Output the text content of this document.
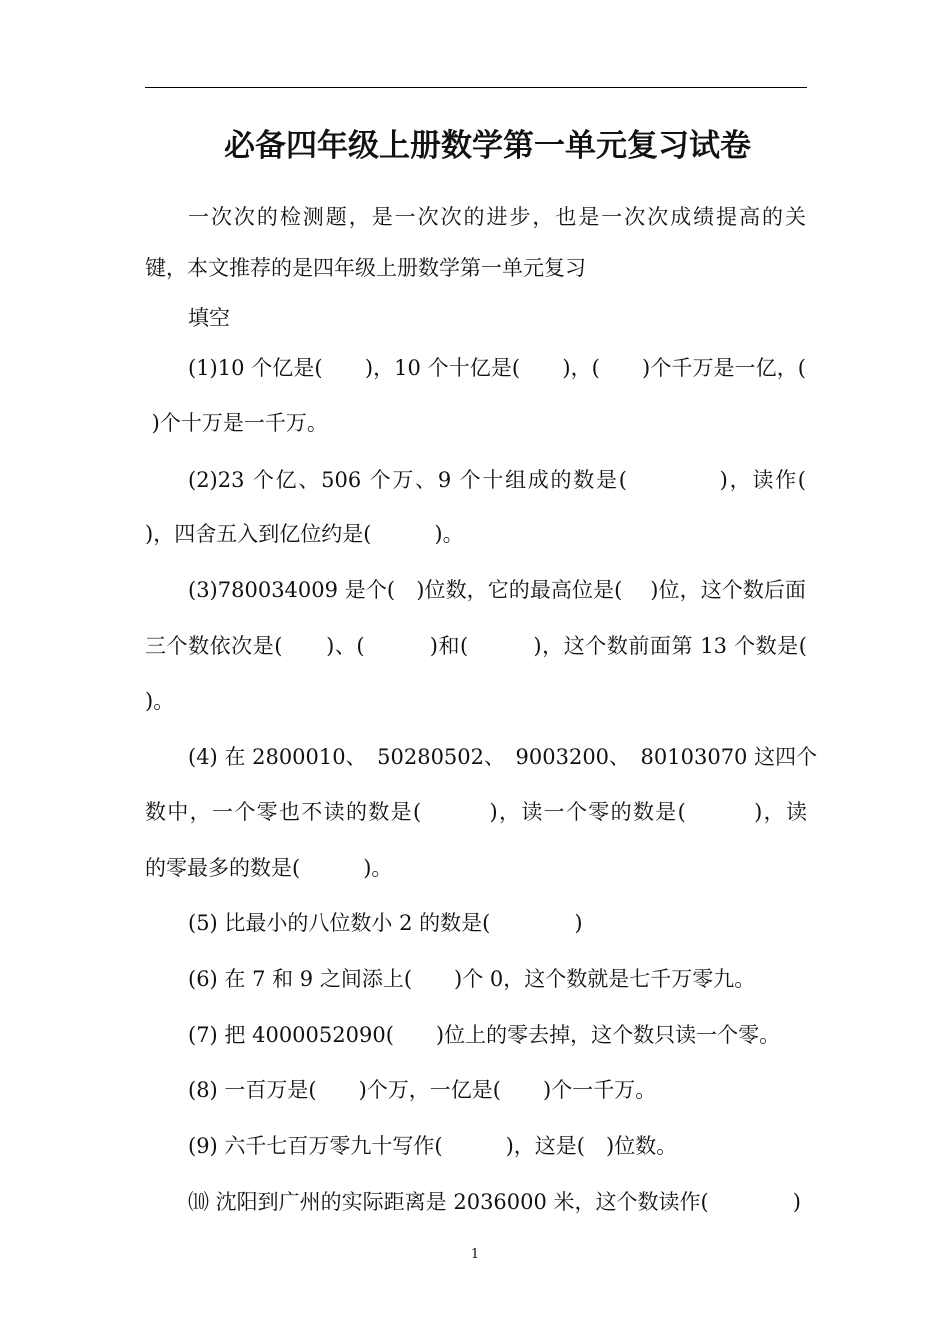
必备四年级上册数学第一单元复习试卷
一次次的检测题，是一次次的进步，也是一次次成绩提高的关
键，本文推荐的是四年级上册数学第一单元复习
填空
(1)10 个亿是(　　)，10 个十亿是(　　)，(　　)个千万是一亿，(
)个十万是一千万。
(2)23 个亿、506 个万、9 个十组成的数是(　　　　)，读作(
)，四舍五入到亿位约是(　　　)。
(3)780034009 是个(　)位数，它的最高位是(　 )位，这个数后面
三个数依次是(　　)、(　　　)和(　　　)，这个数前面第 13 个数是(
)。
(4) 在 2800010、　50280502、　9003200、　80103070 这四个
数中，一个零也不读的数是(　　　)，读一个零的数是(　　　)，读
的零最多的数是(　　　)。
(5) 比最小的八位数小 2 的数是(　　　　)
(6) 在 7 和 9 之间添上(　　)个 0，这个数就是七千万零九。
(7) 把 4000052090(　　)位上的零去掉，这个数只读一个零。
(8) 一百万是(　　)个万，一亿是(　　)个一千万。
(9) 六千七百万零九十写作(　　　)，这是(　)位数。
⑽ 沈阳到广州的实际距离是 2036000 米，这个数读作(　　　　)
1
